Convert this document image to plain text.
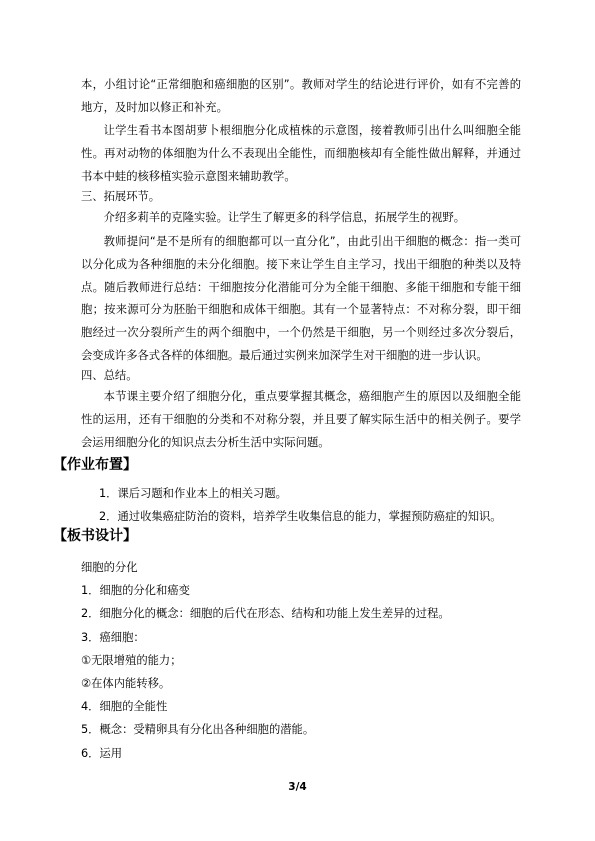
本，小组讨论“正常细胞和癌细胞的区别”。教师对学生的结论进行评价，如有不完善的地方，及时加以修正和补充。

让学生看书本图胡萝卜根细胞分化成植株的示意图，接着教师引出什么叫细胞全能性。再对动物的体细胞为什么不表现出全能性，而细胞核却有全能性做出解释，并通过书本中蛙的核移植实验示意图来辅助教学。

三、拓展环节。

介绍多莉羊的克隆实验。让学生了解更多的科学信息，拓展学生的视野。

教师提问“是不是所有的细胞都可以一直分化”，由此引出干细胞的概念：指一类可以分化成为各种细胞的未分化细胞。接下来让学生自主学习，找出干细胞的种类以及特点。随后教师进行总结：干细胞按分化潜能可分为全能干细胞、多能干细胞和专能干细胞；按来源可分为胚胎干细胞和成体干细胞。其有一个显著特点：不对称分裂，即干细胞经过一次分裂所产生的两个细胞中，一个仍然是干细胞，另一个则经过多次分裂后，会变成许多各式各样的体细胞。最后通过实例来加深学生对干细胞的进一步认识。

四、总结。

本节课主要介绍了细胞分化，重点要掌握其概念，癌细胞产生的原因以及细胞全能性的运用，还有干细胞的分类和不对称分裂，并且要了解实际生活中的相关例子。要学会运用细胞分化的知识点去分析生活中实际问题。

【作业布置】
1．课后习题和作业本上的相关习题。
2．通过收集癌症防治的资料，培养学生收集信息的能力，掌握预防癌症的知识。
【板书设计】
细胞的分化
1．细胞的分化和癌变
2．细胞分化的概念：细胞的后代在形态、结构和功能上发生差异的过程。
3．癌细胞：
①无限增殖的能力；
②在体内能转移。
4．细胞的全能性
5．概念：受精卵具有分化出各种细胞的潜能。
6．运用
3/4
